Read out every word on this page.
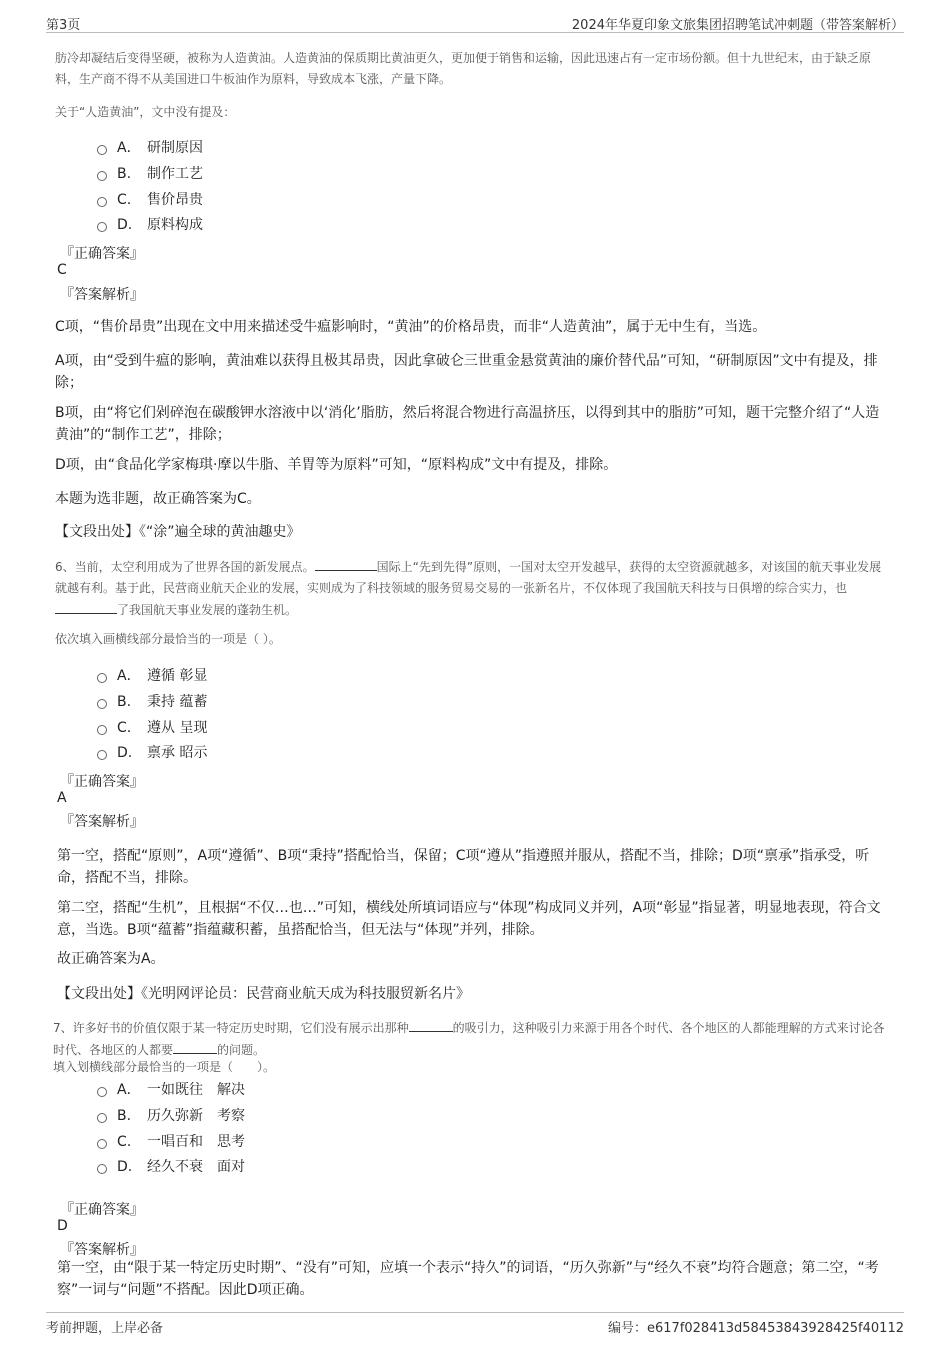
第3页	2024年华夏印象文旅集团招聘笔试冲刺题（带答案解析）
肪冷却凝结后变得坚硬，被称为人造黄油。人造黄油的保质期比黄油更久，更加便于销售和运输，因此迅速占有一定市场份额。但十九世纪末，由于缺乏原料，生产商不得不从美国进口牛板油作为原料，导致成本飞涨，产量下降。
关于“人造黄油”，文中没有提及：
A． 研制原因
B. 制作工艺
C. 售价昂贵
D. 原料构成
『正确答案』
C
『答案解析』
C项，“售价昂贵”出现在文中用来描述受牛瘟影响时，“黄油”的价格昂贵，而非“人造黄油”，属于无中生有，当选。
A项，由“受到牛瘟的影响，黄油难以获得且极其昂贵，因此拿破仑三世重金悬赏黄油的廉价替代品”可知，“研制原因”文中有提及，排除；
B项，由“将它们剁碎泡在碳酸钾水溶液中以‘消化’脂肪，然后将混合物进行高温挤压，以得到其中的脂肪”可知，题干完整介绍了“人造黄油”的“制作工艺”，排除；
D项，由“食品化学家梅琪·摩以牛脂、羊胃等为原料”可知，“原料构成”文中有提及，排除。
本题为选非题，故正确答案为C。
【文段出处】《“涂”遍全球的黄油趣史》
6、当前，太空利用成为了世界各国的新发展点。	国际上“先到先得”原则，一国对太空开发越早，获得的太空资源就越多，对该国的航天事业发展就越有利。基于此，民营商业航天企业的发展，实则成为了科技领域的服务贸易交易的一张新名片，不仅体现了我国航天科技与日俱增的综合实力，也了我国航天事业发展的蓬勃生机。
依次填入画横线部分最恰当的一项是（ ）。
A． 遵循 彰显
B. 秉持 蕴蓄
C. 遵从 呈现
D. 禀承 昭示
『正确答案』
A
『答案解析』
第一空，搭配“原则”，A项“遵循”、B项“秉持”搭配恰当，保留；C项“遵从”指遵照并服从，搭配不当，排除；D项“禀承”指承受，听命，搭配不当，排除。
第二空，搭配“生机”，且根据“不仅…也…”可知，横线处所填词语应与“体现”构成同义并列，A项“彰显”指显著，明显地表现，符合文意，当选。B项“蕴蓄”指蕴藏积蓄，虽搭配恰当，但无法与“体现”并列，排除。
故正确答案为A。
【文段出处】《光明网评论员：民营商业航天成为科技服贸新名片》
7、许多好书的价值仅限于某一特定历史时期，它们没有展示出那种	的吸引力，这种吸引力来源于用各个时代、各个地区的人都能理解的方式来讨论各时代、各地区的人都要	的问题。
填入划横线部分最恰当的一项是（　　）。
A． 一如既往　解决
B. 历久弥新　考察
C. 一唱百和　思考
D. 经久不衰　面对
『正确答案』
D
『答案解析』
第一空，由“限于某一特定历史时期”、“没有”可知，应填一个表示“持久”的词语，“历久弥新”与“经久不衰”均符合题意；第二空，“考察”一词与“问题”不搭配。因此D项正确。
考前押题，上岸必备	编号：e617f028413d58453843928425f40112
